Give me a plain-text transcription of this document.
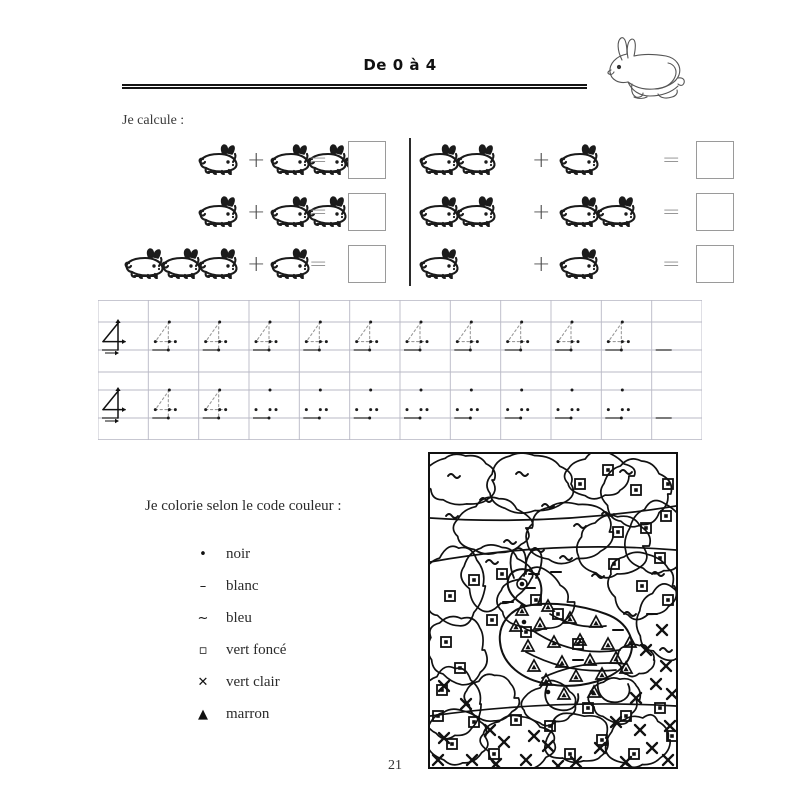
De 0 à 4
Je calcule :
+ =
+ =
+ =
+	=
+	=
+	=
Je colorie selon le code couleur :
•	noir
–	blanc
~	bleu
▫	vert foncé
✕	vert clair
▲	marron
21
